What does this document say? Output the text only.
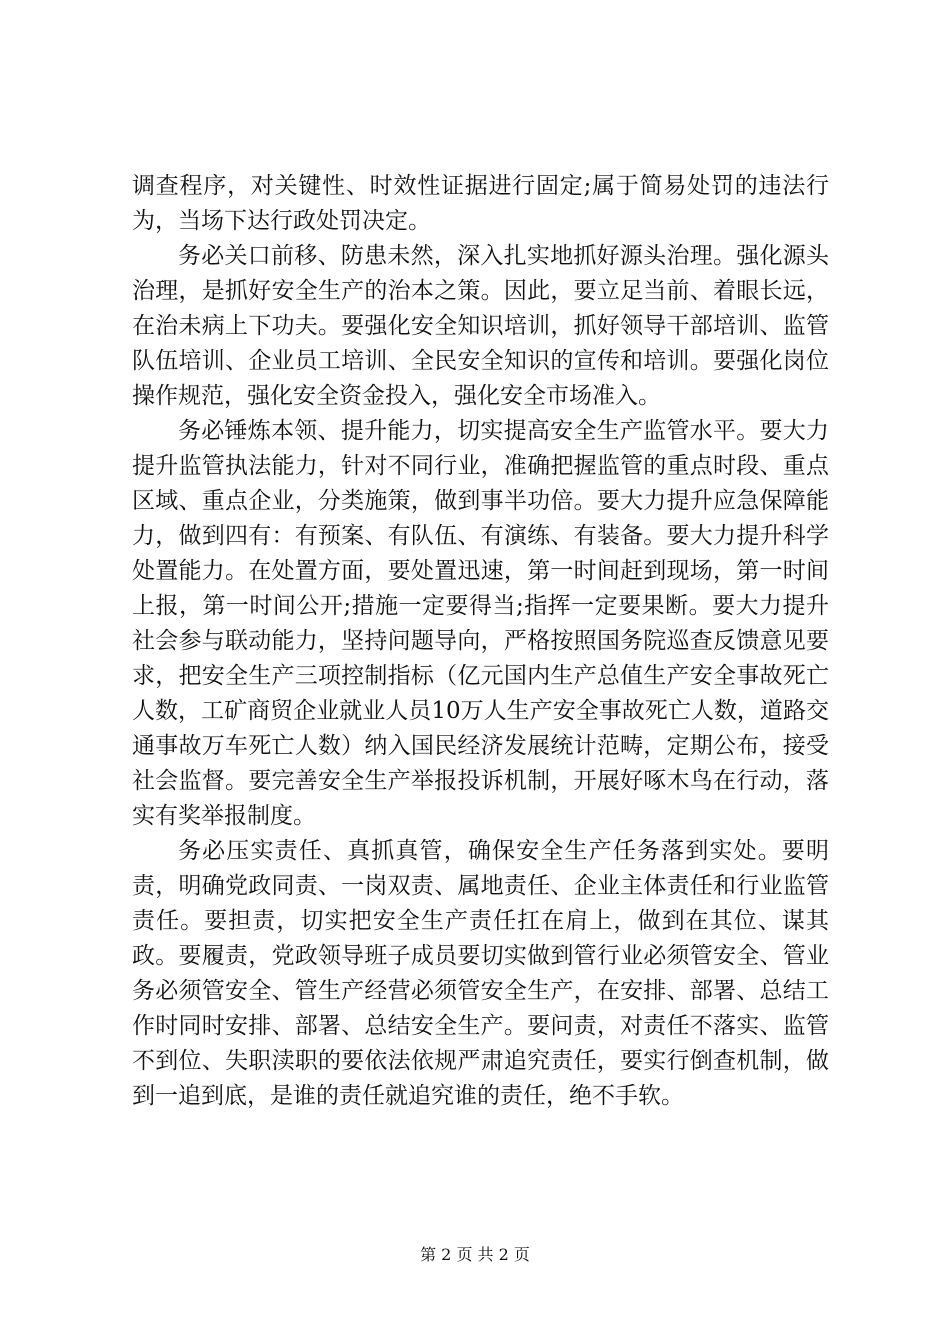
调查程序，对关键性、时效性证据进行固定;属于简易处罚的违法行为，当场下达行政处罚决定。

务必关口前移、防患未然，深入扎实地抓好源头治理。强化源头治理，是抓好安全生产的治本之策。因此，要立足当前、着眼长远，在治未病上下功夫。要强化安全知识培训，抓好领导干部培训、监管队伍培训、企业员工培训、全民安全知识的宣传和培训。要强化岗位操作规范，强化安全资金投入，强化安全市场准入。

务必锤炼本领、提升能力，切实提高安全生产监管水平。要大力提升监管执法能力，针对不同行业，准确把握监管的重点时段、重点区域、重点企业，分类施策，做到事半功倍。要大力提升应急保障能力，做到四有：有预案、有队伍、有演练、有装备。要大力提升科学处置能力。在处置方面，要处置迅速，第一时间赶到现场，第一时间上报，第一时间公开;措施一定要得当;指挥一定要果断。要大力提升社会参与联动能力，坚持问题导向，严格按照国务院巡查反馈意见要求，把安全生产三项控制指标（亿元国内生产总值生产安全事故死亡人数，工矿商贸企业就业人员10万人生产安全事故死亡人数，道路交通事故万车死亡人数）纳入国民经济发展统计范畴，定期公布，接受社会监督。要完善安全生产举报投诉机制，开展好啄木鸟在行动，落实有奖举报制度。

务必压实责任、真抓真管，确保安全生产任务落到实处。要明责，明确党政同责、一岗双责、属地责任、企业主体责任和行业监管责任。要担责，切实把安全生产责任扛在肩上，做到在其位、谋其政。要履责，党政领导班子成员要切实做到管行业必须管安全、管业务必须管安全、管生产经营必须管安全生产，在安排、部署、总结工作时同时安排、部署、总结安全生产。要问责，对责任不落实、监管不到位、失职渎职的要依法依规严肃追究责任，要实行倒查机制，做到一追到底，是谁的责任就追究谁的责任，绝不手软。

第 2 页 共 2 页
